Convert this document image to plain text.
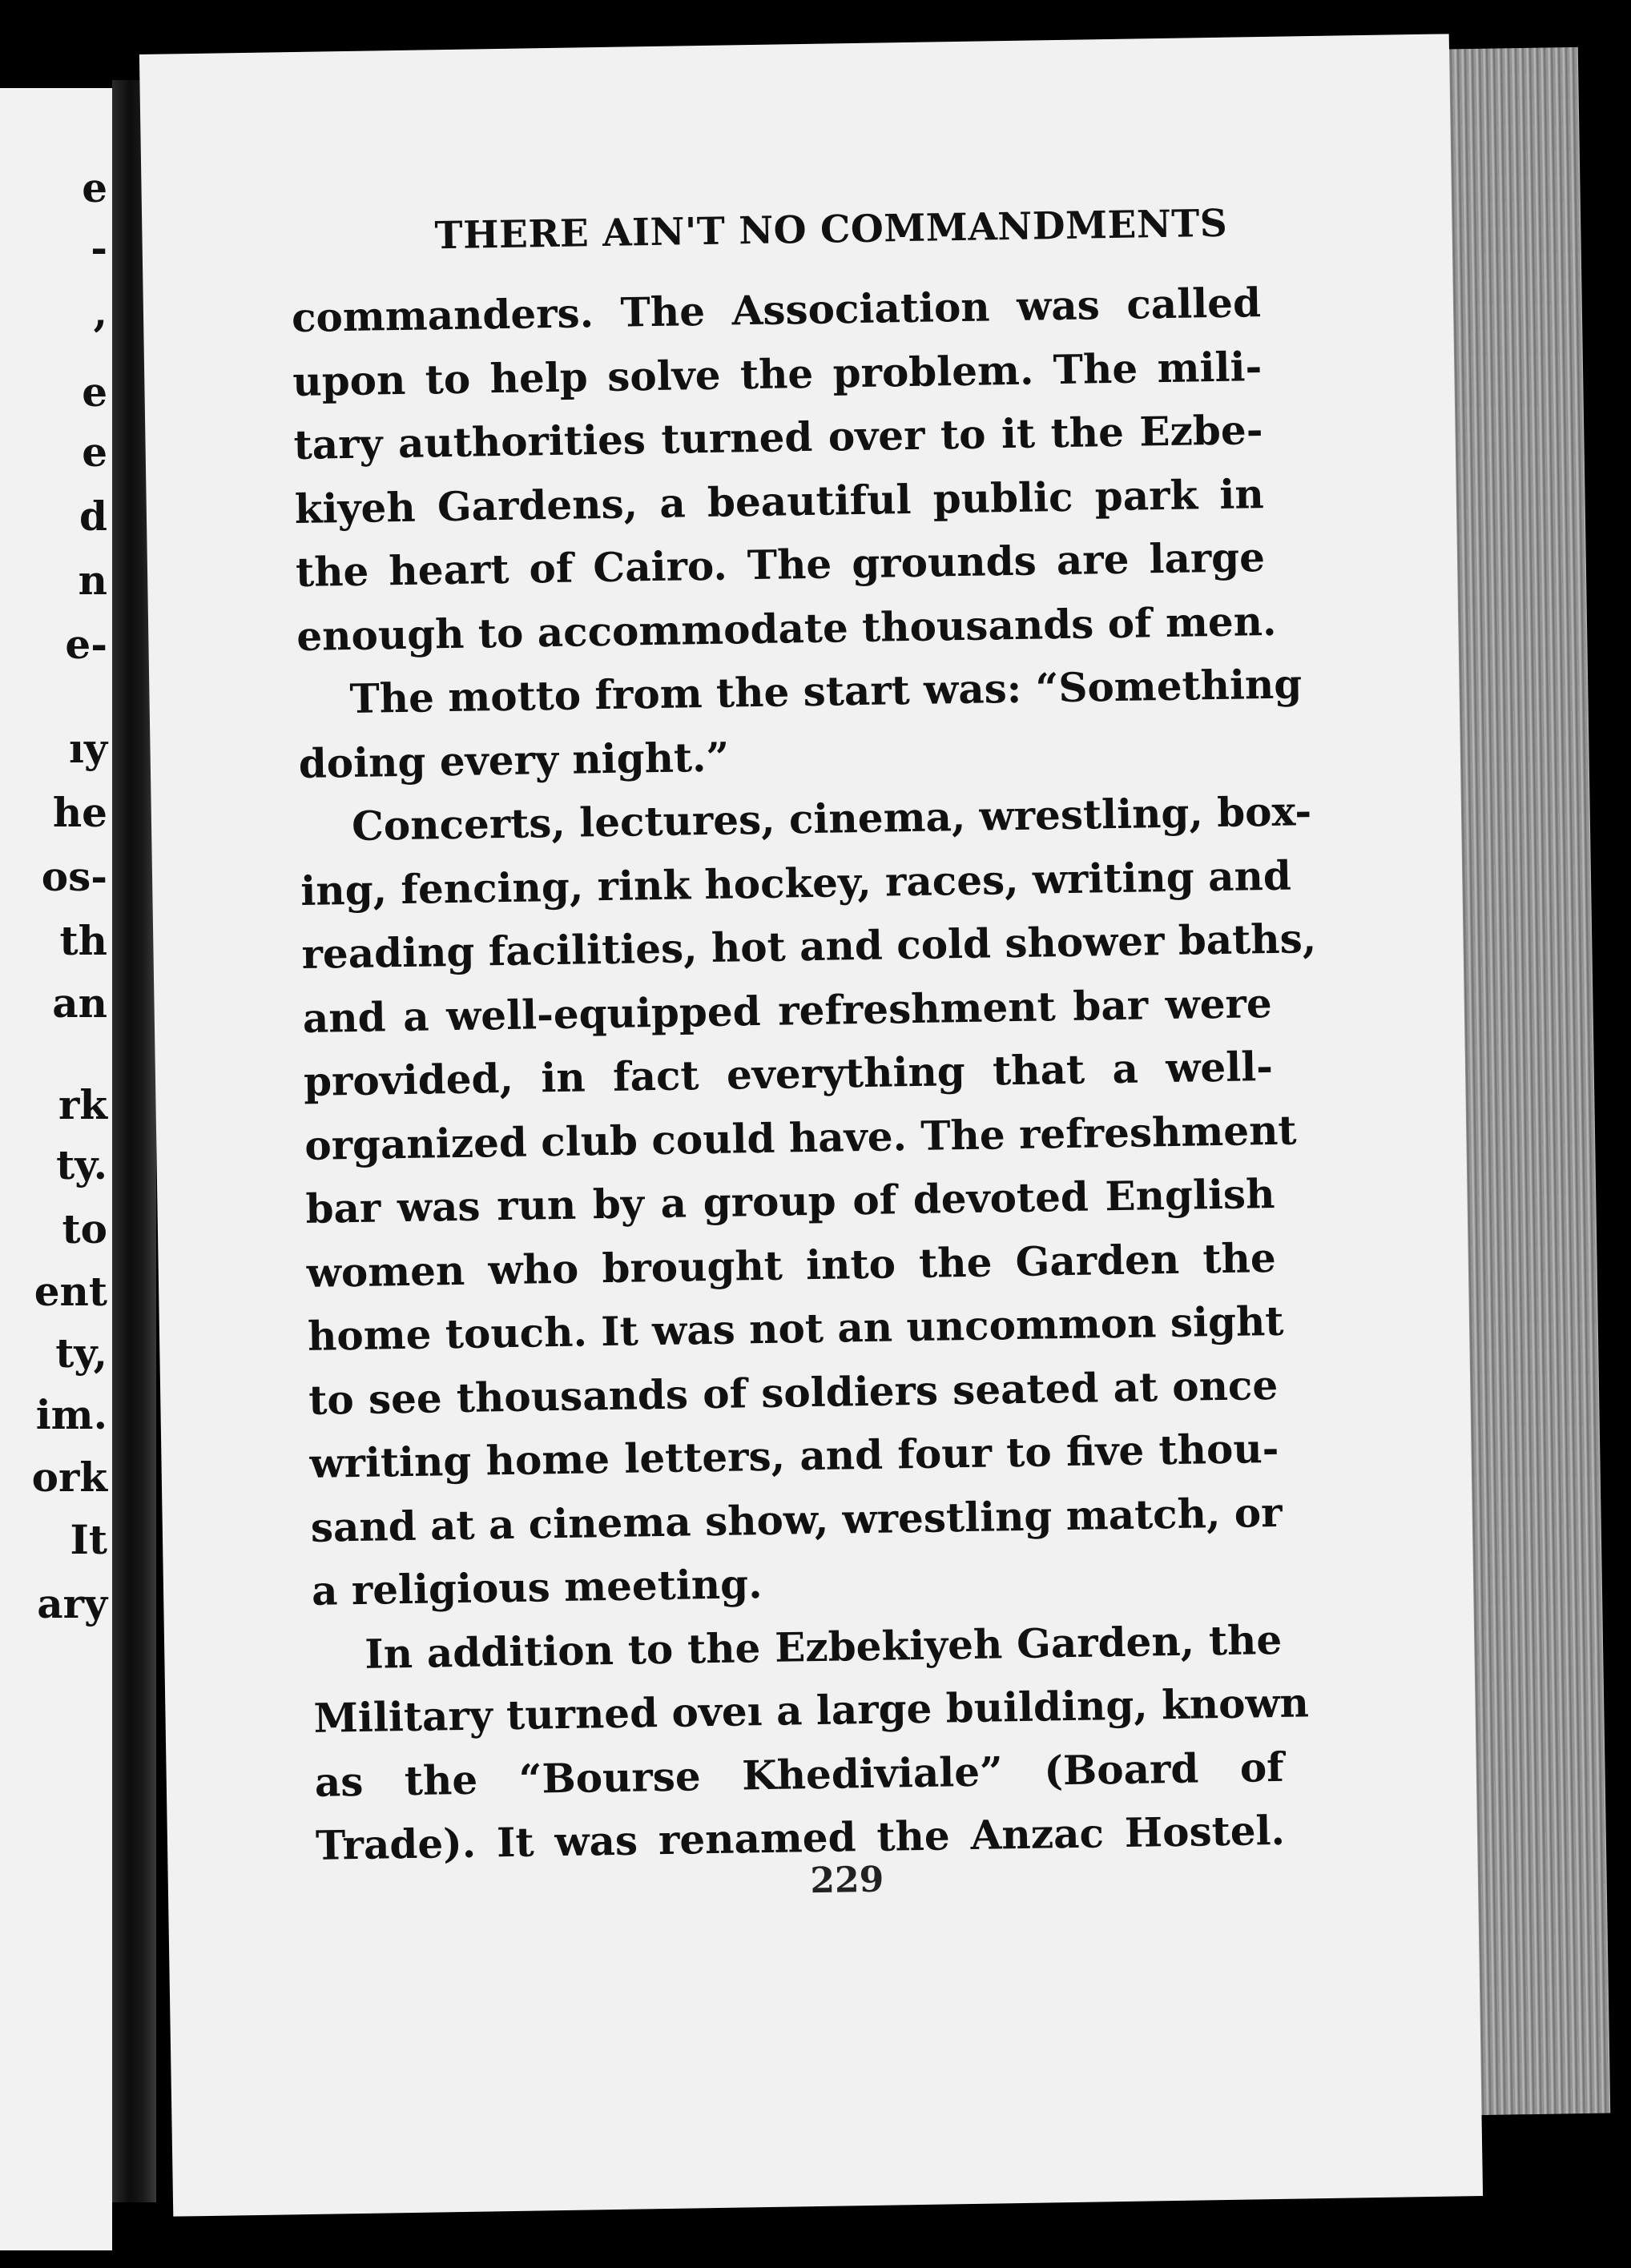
e
-
,
e
e
d
n
e-
ıy
he
os-
th
an
rk
ty.
to
ent
ty,
im.
ork
It
ary
THERE AIN'T NO COMMANDMENTS
commanders. The Association was called
upon to help solve the problem. The mili-
tary authorities turned over to it the Ezbe-
kiyeh Gardens, a beautiful public park in
the heart of Cairo. The grounds are large
enough to accommodate thousands of men.
The motto from the start was: “Something
doing every night.”
Concerts, lectures, cinema, wrestling, box-
ing, fencing, rink hockey, races, writing and
reading facilities, hot and cold shower baths,
and a well-equipped refreshment bar were
provided, in fact everything that a well-
organized club could have. The refreshment
bar was run by a group of devoted English
women who brought into the Garden the
home touch. It was not an uncommon sight
to see thousands of soldiers seated at once
writing home letters, and four to five thou-
sand at a cinema show, wrestling match, or
a religious meeting.
In addition to the Ezbekiyeh Garden, the
Military turned oveı a large building, known
as the “Bourse Khediviale” (Board of
Trade). It was renamed the Anzac Hostel.
229
